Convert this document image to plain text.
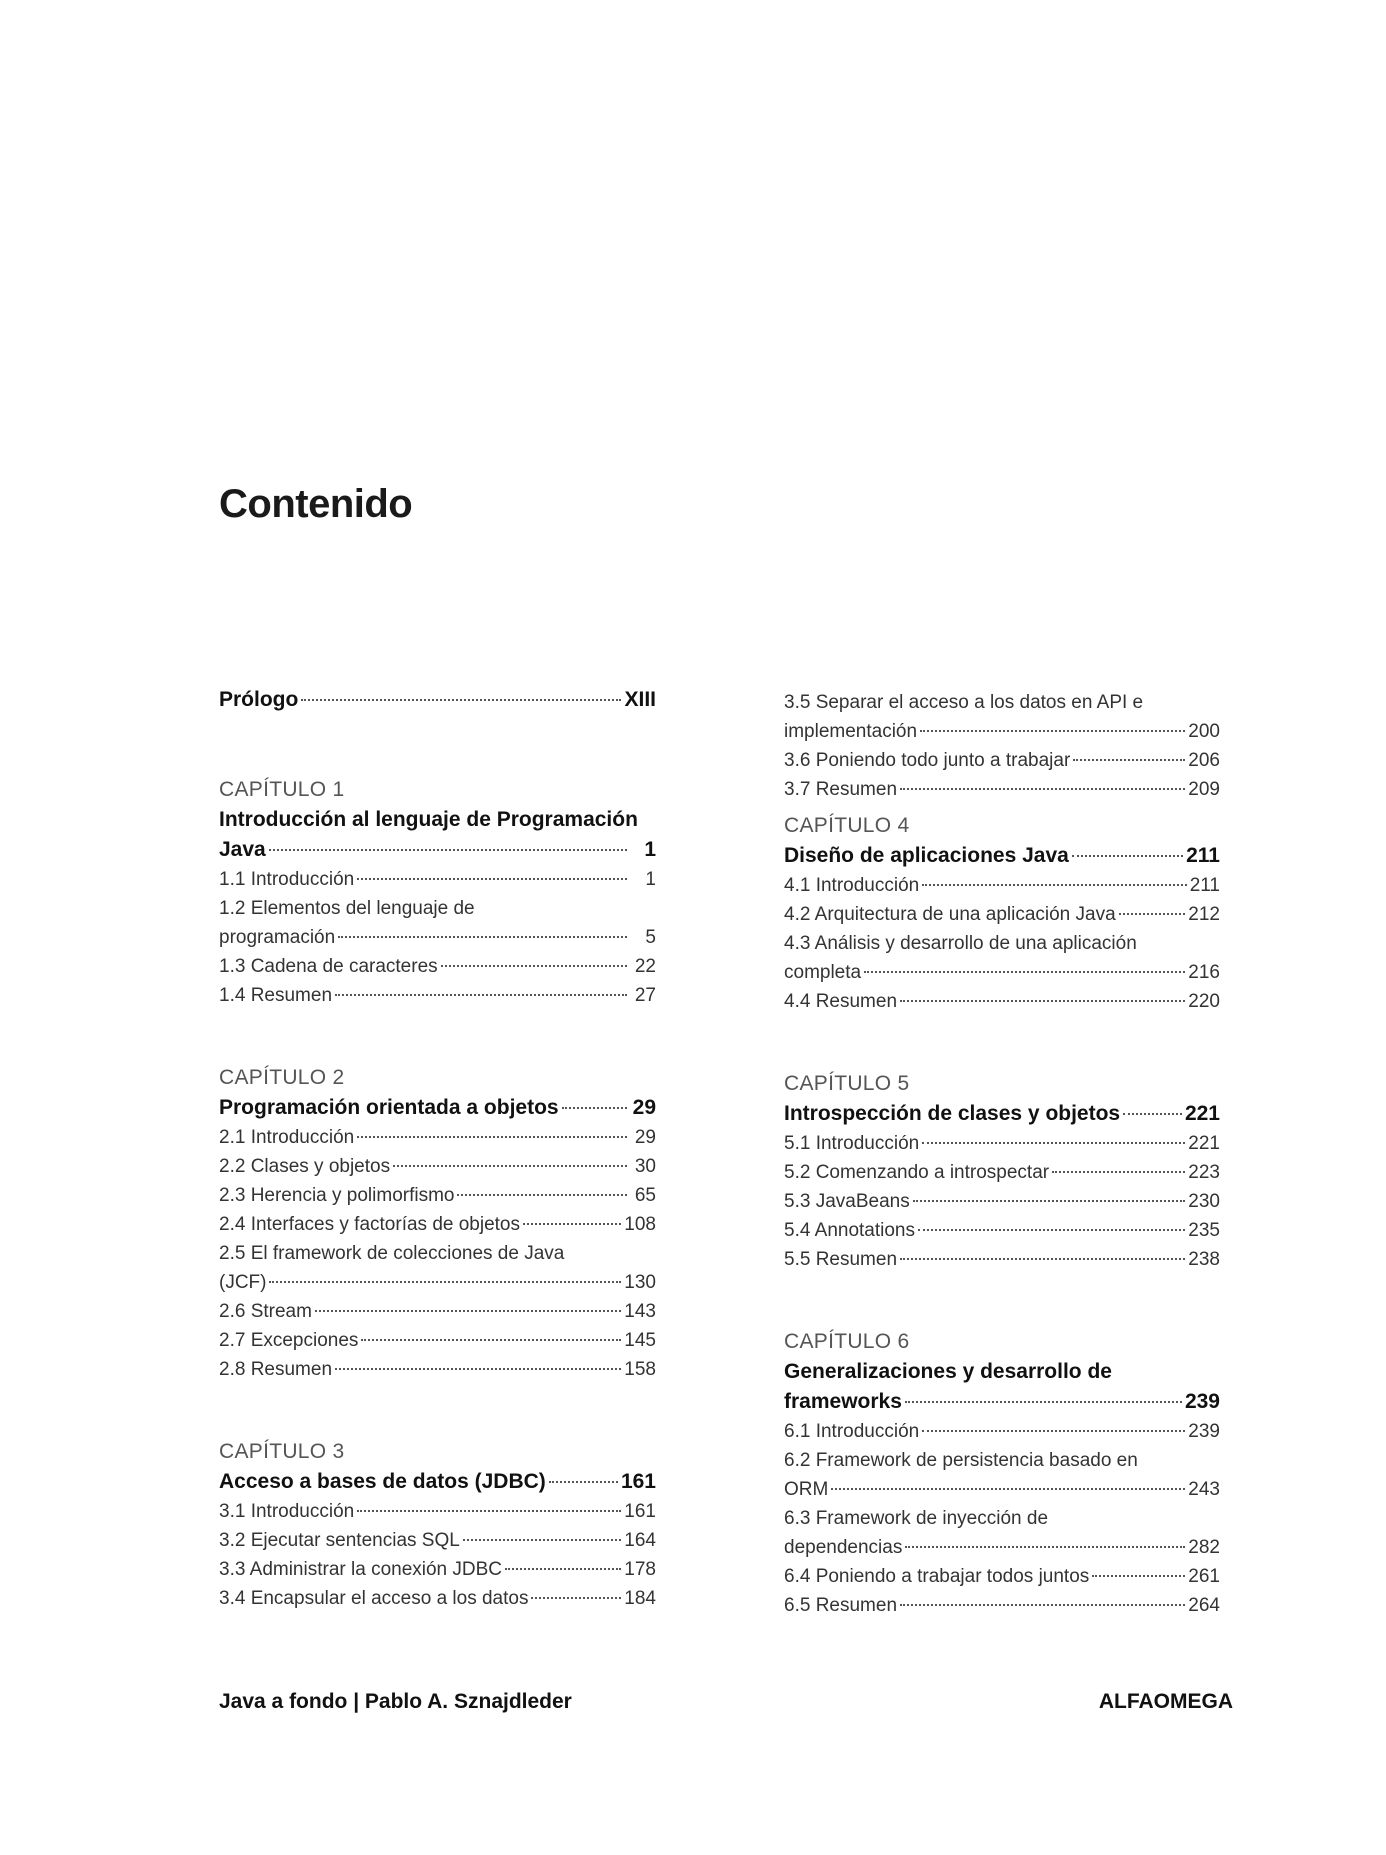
Contenido
Prólogo	XIII
CAPÍTULO 1
Introducción al lenguaje de Programación
Java	1
1.1 Introducción	1
1.2 Elementos del lenguaje de
programación	5
1.3 Cadena de caracteres	22
1.4 Resumen	27
CAPÍTULO 2
Programación orientada a objetos	29
2.1 Introducción	29
2.2 Clases y objetos	30
2.3 Herencia y polimorfismo	65
2.4 Interfaces y factorías de objetos	108
2.5 El framework de colecciones de Java
(JCF)	130
2.6 Stream	143
2.7 Excepciones	145
2.8 Resumen	158
CAPÍTULO 3
Acceso a bases de datos (JDBC)	161
3.1 Introducción	161
3.2 Ejecutar sentencias SQL	164
3.3 Administrar la conexión JDBC	178
3.4 Encapsular el acceso a los datos	184
3.5 Separar el acceso a los datos en API e
implementación	200
3.6 Poniendo todo junto a trabajar	206
3.7 Resumen	209
CAPÍTULO 4
Diseño de aplicaciones Java	211
4.1 Introducción	211
4.2 Arquitectura de una aplicación Java	212
4.3 Análisis y desarrollo de una aplicación
completa	216
4.4 Resumen	220
CAPÍTULO 5
Introspección de clases y objetos	221
5.1 Introducción	221
5.2 Comenzando a introspectar	223
5.3 JavaBeans	230
5.4 Annotations	235
5.5 Resumen	238
CAPÍTULO 6
Generalizaciones y desarrollo de
frameworks	239
6.1 Introducción	239
6.2 Framework de persistencia basado en
ORM	243
6.3 Framework de inyección de
dependencias	282
6.4 Poniendo a trabajar todos juntos	261
6.5 Resumen	264
Java a fondo | Pablo A. Sznajdleder	ALFAOMEGA
